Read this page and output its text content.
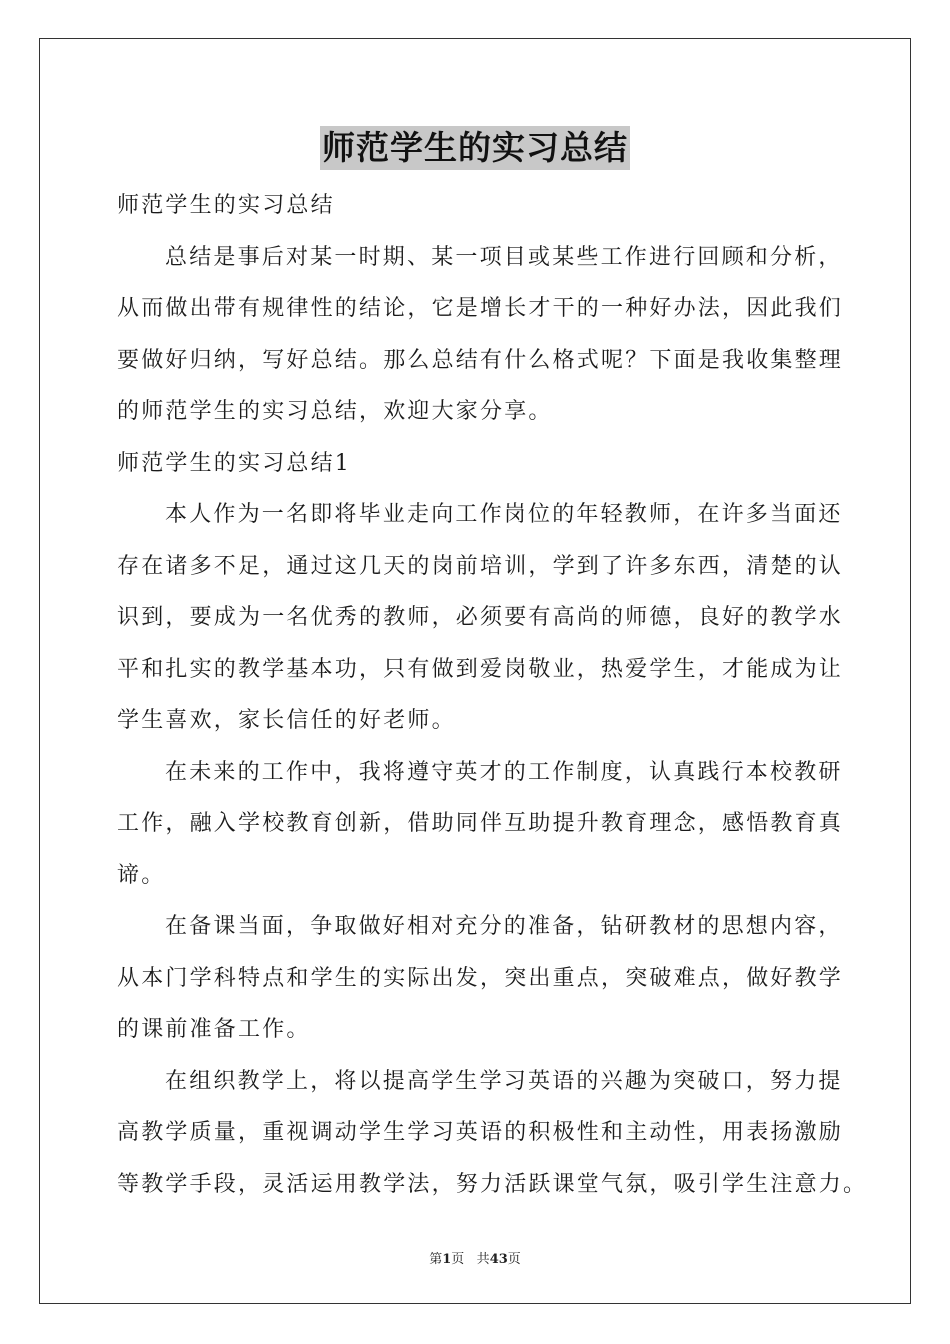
师范学生的实习总结

师范学生的实习总结

总结是事后对某一时期、某一项目或某些工作进行回顾和分析，

从而做出带有规律性的结论，它是增长才干的一种好办法，因此我们

要做好归纳，写好总结。那么总结有什么格式呢？下面是我收集整理

的师范学生的实习总结，欢迎大家分享。

师范学生的实习总结1

本人作为一名即将毕业走向工作岗位的年轻教师，在许多当面还

存在诸多不足，通过这几天的岗前培训，学到了许多东西，清楚的认

识到，要成为一名优秀的教师，必须要有高尚的师德，良好的教学水

平和扎实的教学基本功，只有做到爱岗敬业，热爱学生，才能成为让

学生喜欢，家长信任的好老师。

在未来的工作中，我将遵守英才的工作制度，认真践行本校教研

工作，融入学校教育创新，借助同伴互助提升教育理念，感悟教育真

谛。

在备课当面，争取做好相对充分的准备，钻研教材的思想内容，

从本门学科特点和学生的实际出发，突出重点，突破难点，做好教学

的课前准备工作。

在组织教学上，将以提高学生学习英语的兴趣为突破口，努力提

高教学质量，重视调动学生学习英语的积极性和主动性，用表扬激励

等教学手段，灵活运用教学法，努力活跃课堂气氛，吸引学生注意力。

第1页 共43页
